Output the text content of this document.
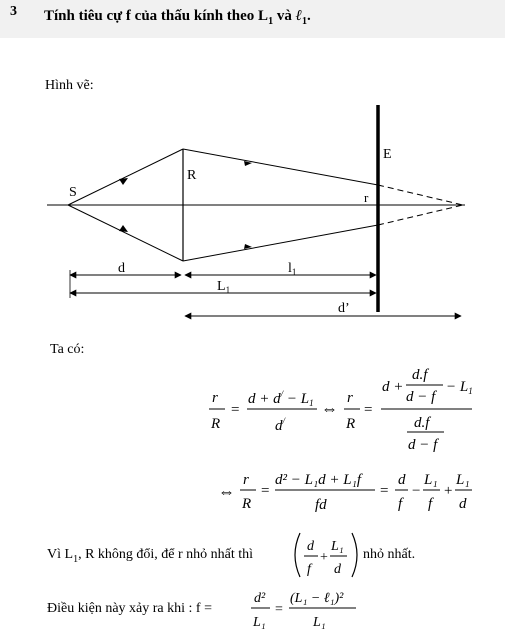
3 Tính tiêu cự f của thấu kính theo $L_1$ và ℓ$_1$.
Hình vẽ:
S
R
E
r
d	$l_1$
$L_1$
d’
r
R
=
$d + d^/ - L_1$
d/
⇔
r
R
=
d +
d.f
d − f
− $L_1$
d.f
d − f
⇔
r
R
=
d² − L₁d + L₁f
fd
=
d
f
−
L₁
f
+
L₁
d
d
f
+
L₁
d
d²
L₁
=
(L₁ − ℓ₁)²
L₁
Ta có:
Vì $L_1$, R không đổi, để r nhỏ nhất thì	nhỏ nhất.
Điều kiện này xảy ra khi : f =
